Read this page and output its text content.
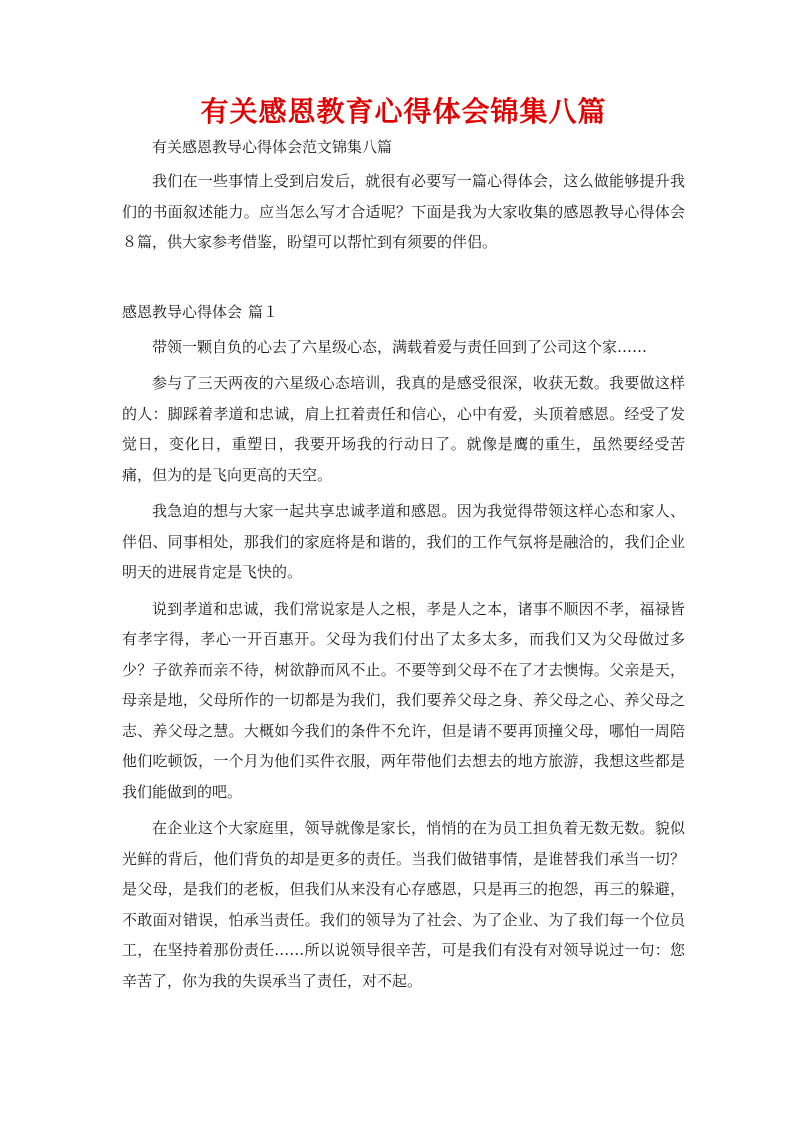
有关感恩教育心得体会锦集八篇
有关感恩教导心得体会范文锦集八篇

我们在一些事情上受到启发后，就很有必要写一篇心得体会，这么做能够提升我们的书面叙述能力。应当怎么写才合适呢？下面是我为大家收集的感恩教导心得体会８篇，供大家参考借鉴，盼望可以帮忙到有须要的伴侣。

感恩教导心得体会 篇１

带领一颗自负的心去了六星级心态，满载着爱与责任回到了公司这个家……

参与了三天两夜的六星级心态培训，我真的是感受很深，收获无数。我要做这样的人：脚踩着孝道和忠诚，肩上扛着责任和信心，心中有爱，头顶着感恩。经受了发觉日，变化日，重塑日，我要开场我的行动日了。就像是鹰的重生，虽然要经受苦痛，但为的是飞向更高的天空。

我急迫的想与大家一起共享忠诚孝道和感恩。因为我觉得带领这样心态和家人、伴侣、同事相处，那我们的家庭将是和谐的，我们的工作气氛将是融洽的，我们企业明天的进展肯定是飞快的。

说到孝道和忠诚，我们常说家是人之根，孝是人之本，诸事不顺因不孝，福禄皆有孝字得，孝心一开百惠开。父母为我们付出了太多太多，而我们又为父母做过多少？子欲养而亲不待，树欲静而风不止。不要等到父母不在了才去懊悔。父亲是天，母亲是地，父母所作的一切都是为我们，我们要养父母之身、养父母之心、养父母之志、养父母之慧。大概如今我们的条件不允许，但是请不要再顶撞父母，哪怕一周陪他们吃顿饭，一个月为他们买件衣服，两年带他们去想去的地方旅游，我想这些都是我们能做到的吧。

在企业这个大家庭里，领导就像是家长，悄悄的在为员工担负着无数无数。貌似光鲜的背后，他们背负的却是更多的责任。当我们做错事情，是谁替我们承当一切？是父母，是我们的老板，但我们从来没有心存感恩，只是再三的抱怨，再三的躲避，不敢面对错误，怕承当责任。我们的领导为了社会、为了企业、为了我们每一个位员工，在坚持着那份责任……所以说领导很辛苦，可是我们有没有对领导说过一句：您辛苦了，你为我的失误承当了责任，对不起。
